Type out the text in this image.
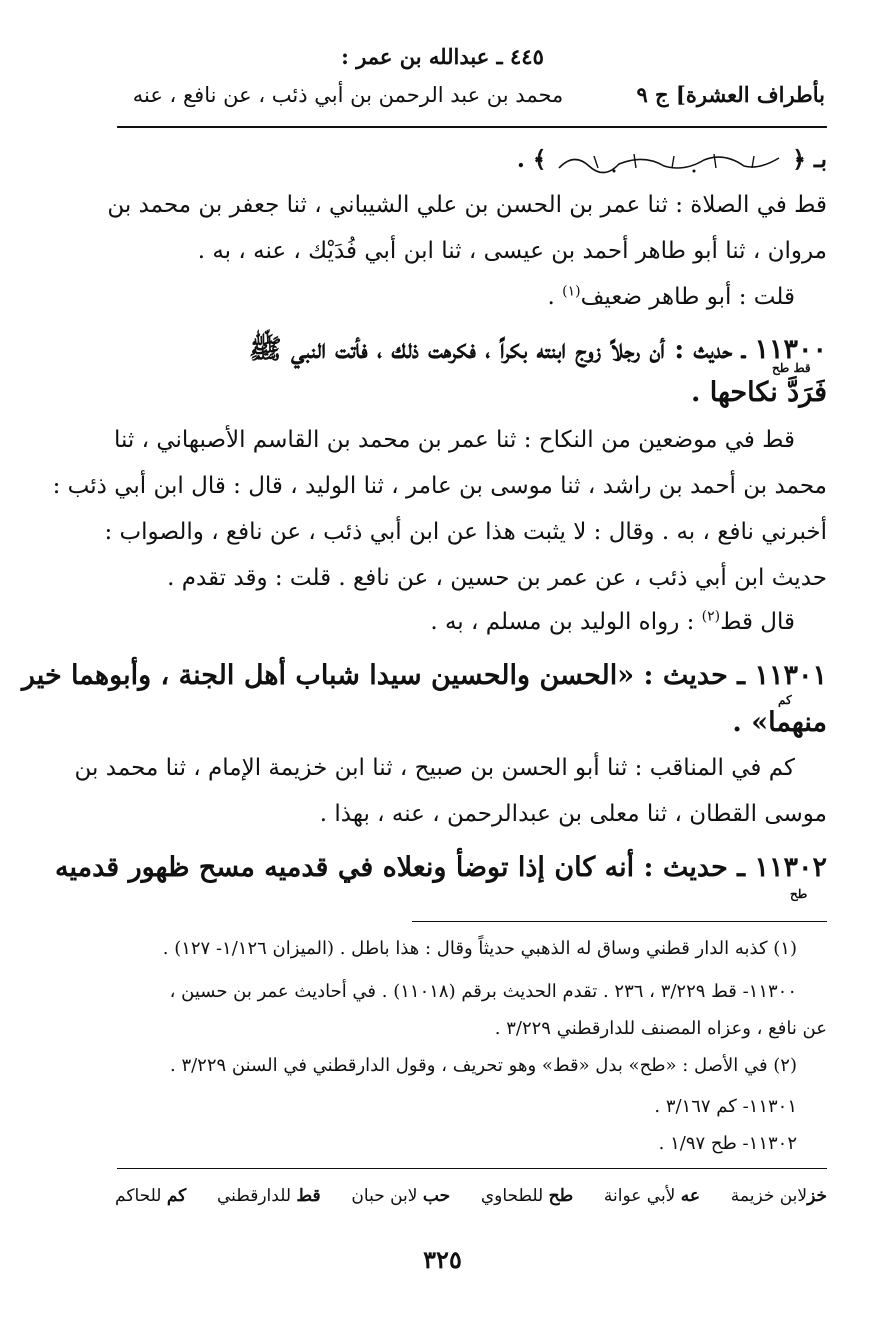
٤٤٥ ـ عبدالله بن عمر :
بأطراف العشرة] ج ٩
محمد بن عبد الرحمن بن أبي ذئب ، عن نافع ، عنه
بـ ﴿  ﴾ .
قط في الصلاة : ثنا عمر بن الحسن بن علي الشيباني ، ثنا جعفر بن محمد بن
مروان ، ثنا أبو طاهر أحمد بن عيسى ، ثنا ابن أبي فُدَيْك ، عنه ، به .
قلت : أبو طاهر ضعيف$^{(١)}$ .
١١٣٠٠ ـ حديث : أن رجلاً زوج ابنته بكراً ، فكرهت ذلك ، فأتت النبي ﷺ
قط طح
فَرَدَّ نكاحها .
قط في موضعين من النكاح : ثنا عمر بن محمد بن القاسم الأصبهاني ، ثنا
محمد بن أحمد بن راشد ، ثنا موسى بن عامر ، ثنا الوليد ، قال : قال ابن أبي ذئب :
أخبرني نافع ، به . وقال : لا يثبت هذا عن ابن أبي ذئب ، عن نافع ، والصواب :
حديث ابن أبي ذئب ، عن عمر بن حسين ، عن نافع . قلت : وقد تقدم .
قال قط$^{(٢)}$ : رواه الوليد بن مسلم ، به .
١١٣٠١ ـ حديث : «الحسن والحسين سيدا شباب أهل الجنة ، وأبوهما خير
كم
منهما» .
كم في المناقب : ثنا أبو الحسن بن صبيح ، ثنا ابن خزيمة الإمام ، ثنا محمد بن
موسى القطان ، ثنا معلى بن عبدالرحمن ، عنه ، بهذا .
١١٣٠٢ ـ حديث : أنه كان إذا توضأ ونعلاه في قدميه مسح ظهور قدميه
طح
(١) كذبه الدار قطني وساق له الذهبي حديثاً وقال : هذا باطل . (الميزان ١/١٢٦- ١٢٧) .
١١٣٠٠- قط ٣/٢٢٩ ، ٢٣٦ . تقدم الحديث برقم (١١٠١٨) . في أحاديث عمر بن حسين ،
عن نافع ، وعزاه المصنف للدارقطني ٣/٢٢٩ .
(٢) في الأصل : «طح» بدل «قط» وهو تحريف ، وقول الدارقطني في السنن ٣/٢٢٩ .
١١٣٠١- كم ٣/١٦٧ .
١١٣٠٢- طح ١/٩٧ .
خزلابن خزيمة
عه لأبي عوانة
طح للطحاوي
حب لابن حبان
قط للدارقطني
كم للحاكم
٣٢٥
